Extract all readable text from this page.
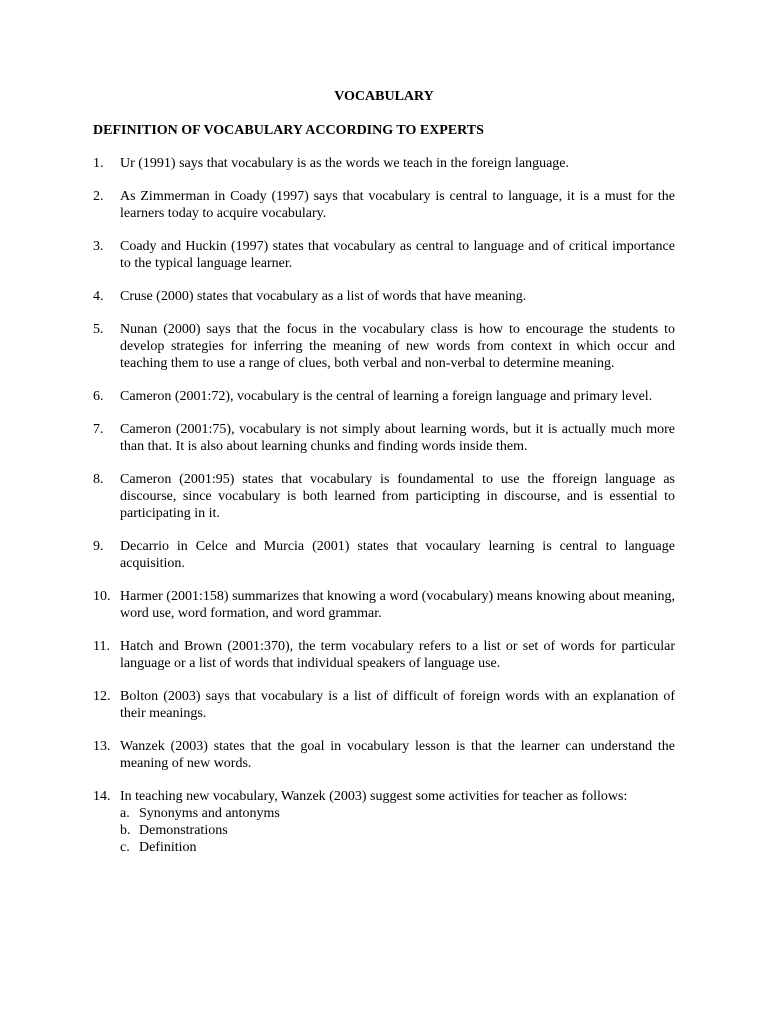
VOCABULARY
DEFINITION OF VOCABULARY ACCORDING TO EXPERTS
1. Ur (1991) says that vocabulary is as the words we teach in the foreign language.
2. As Zimmerman in Coady (1997) says that vocabulary is central to language, it is a must for the learners today to acquire vocabulary.
3. Coady and Huckin (1997) states that vocabulary as central to language and of critical importance to the typical language learner.
4. Cruse (2000) states that vocabulary as a list of words that have meaning.
5. Nunan (2000) says that the focus in the vocabulary class is how to encourage the students to develop strategies for inferring the meaning of new words from context in which occur and teaching them to use a range of clues, both verbal and non-verbal to determine meaning.
6. Cameron (2001:72), vocabulary is the central of learning a foreign language and primary level.
7. Cameron (2001:75), vocabulary is not simply about learning words, but it is actually much more than that. It is also about learning chunks and finding words inside them.
8. Cameron (2001:95) states that vocabulary is foundamental to use the fforeign language as discourse, since vocabulary is both learned from participting in discourse, and is essential to participating in it.
9. Decarrio in Celce and Murcia (2001) states that vocaulary learning is central to language acquisition.
10. Harmer (2001:158) summarizes that knowing a word (vocabulary) means knowing about meaning, word use, word formation, and word grammar.
11. Hatch and Brown (2001:370), the term vocabulary refers to a list or set of words for particular language or a list of words that individual speakers of language use.
12. Bolton (2003) says that vocabulary is a list of difficult of foreign words with an explanation of their meanings.
13. Wanzek (2003) states that the goal in vocabulary lesson is that the learner can understand the meaning of new words.
14. In teaching new vocabulary, Wanzek (2003) suggest some activities for teacher as follows:
a. Synonyms and antonyms
b. Demonstrations
c. Definition
